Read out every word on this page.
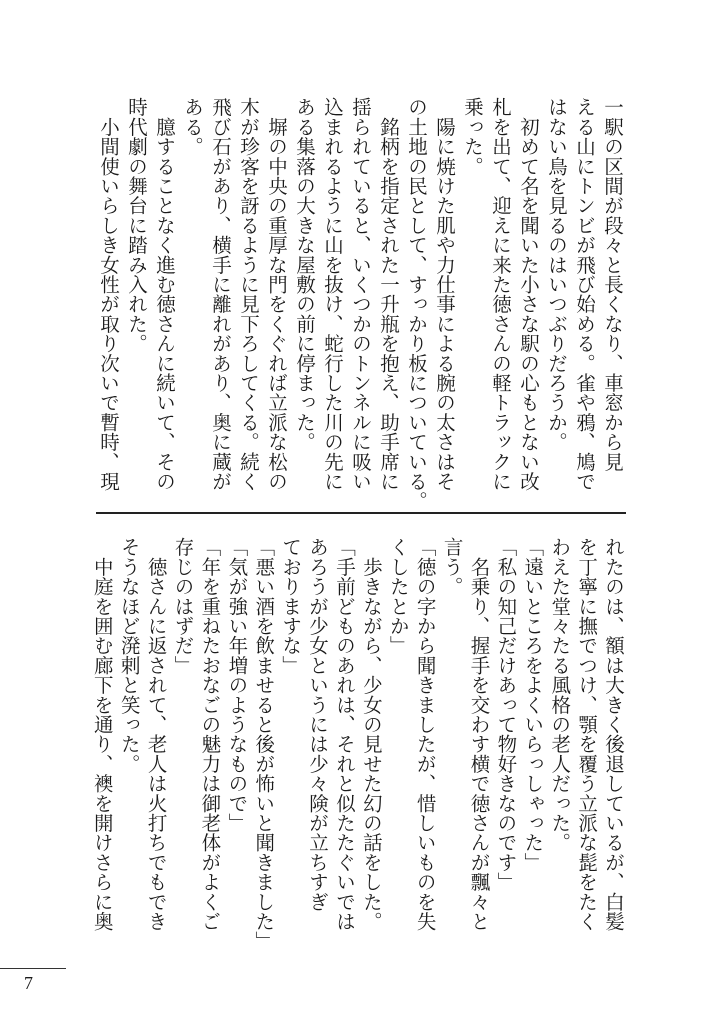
一駅の区間が段々と長くなり、車窓から見
える山にトンビが飛び始める。雀や鴉、鳩で
はない鳥を見るのはいつぶりだろうか。
　初めて名を聞いた小さな駅の心もとない改
札を出て、迎えに来た徳さんの軽トラックに
乗った。
　陽に焼けた肌や力仕事による腕の太さはそ
の土地の民として、すっかり板についている。
　銘柄を指定された一升瓶を抱え、助手席に
揺られていると、いくつかのトンネルに吸い
込まれるように山を抜け、蛇行した川の先に
ある集落の大きな屋敷の前に停まった。
　塀の中央の重厚な門をくぐれば立派な松の
木が珍客を訝るように見下ろしてくる。続く
飛び石があり、横手に離れがあり、奥に蔵が
ある。
　臆することなく進む徳さんに続いて、その
時代劇の舞台に踏み入れた。
　小間使いらしき女性が取り次いで暫時、現
れたのは、額は大きく後退しているが、白髪
を丁寧に撫でつけ、顎を覆う立派な髭をたく
わえた堂々たる風格の老人だった。
「遠いところをよくいらっしゃった」
「私の知己だけあって物好きなのです」
　名乗り、握手を交わす横で徳さんが飄々と
言う。
「徳の字から聞きましたが、惜しいものを失
くしたとか」
　歩きながら、少女の見せた幻の話をした。
「手前どものあれは、それと似たたぐいでは
あろうが少女というには少々険が立ちすぎ
ておりますな」
「悪い酒を飲ませると後が怖いと聞きました」
「気が強い年増のようなもので」
「年を重ねたおなごの魅力は御老体がよくご
存じのはずだ」
　徳さんに返されて、老人は火打ちでもでき
そうなほど溌剌と笑った。
　中庭を囲む廊下を通り、襖を開けさらに奥
7
